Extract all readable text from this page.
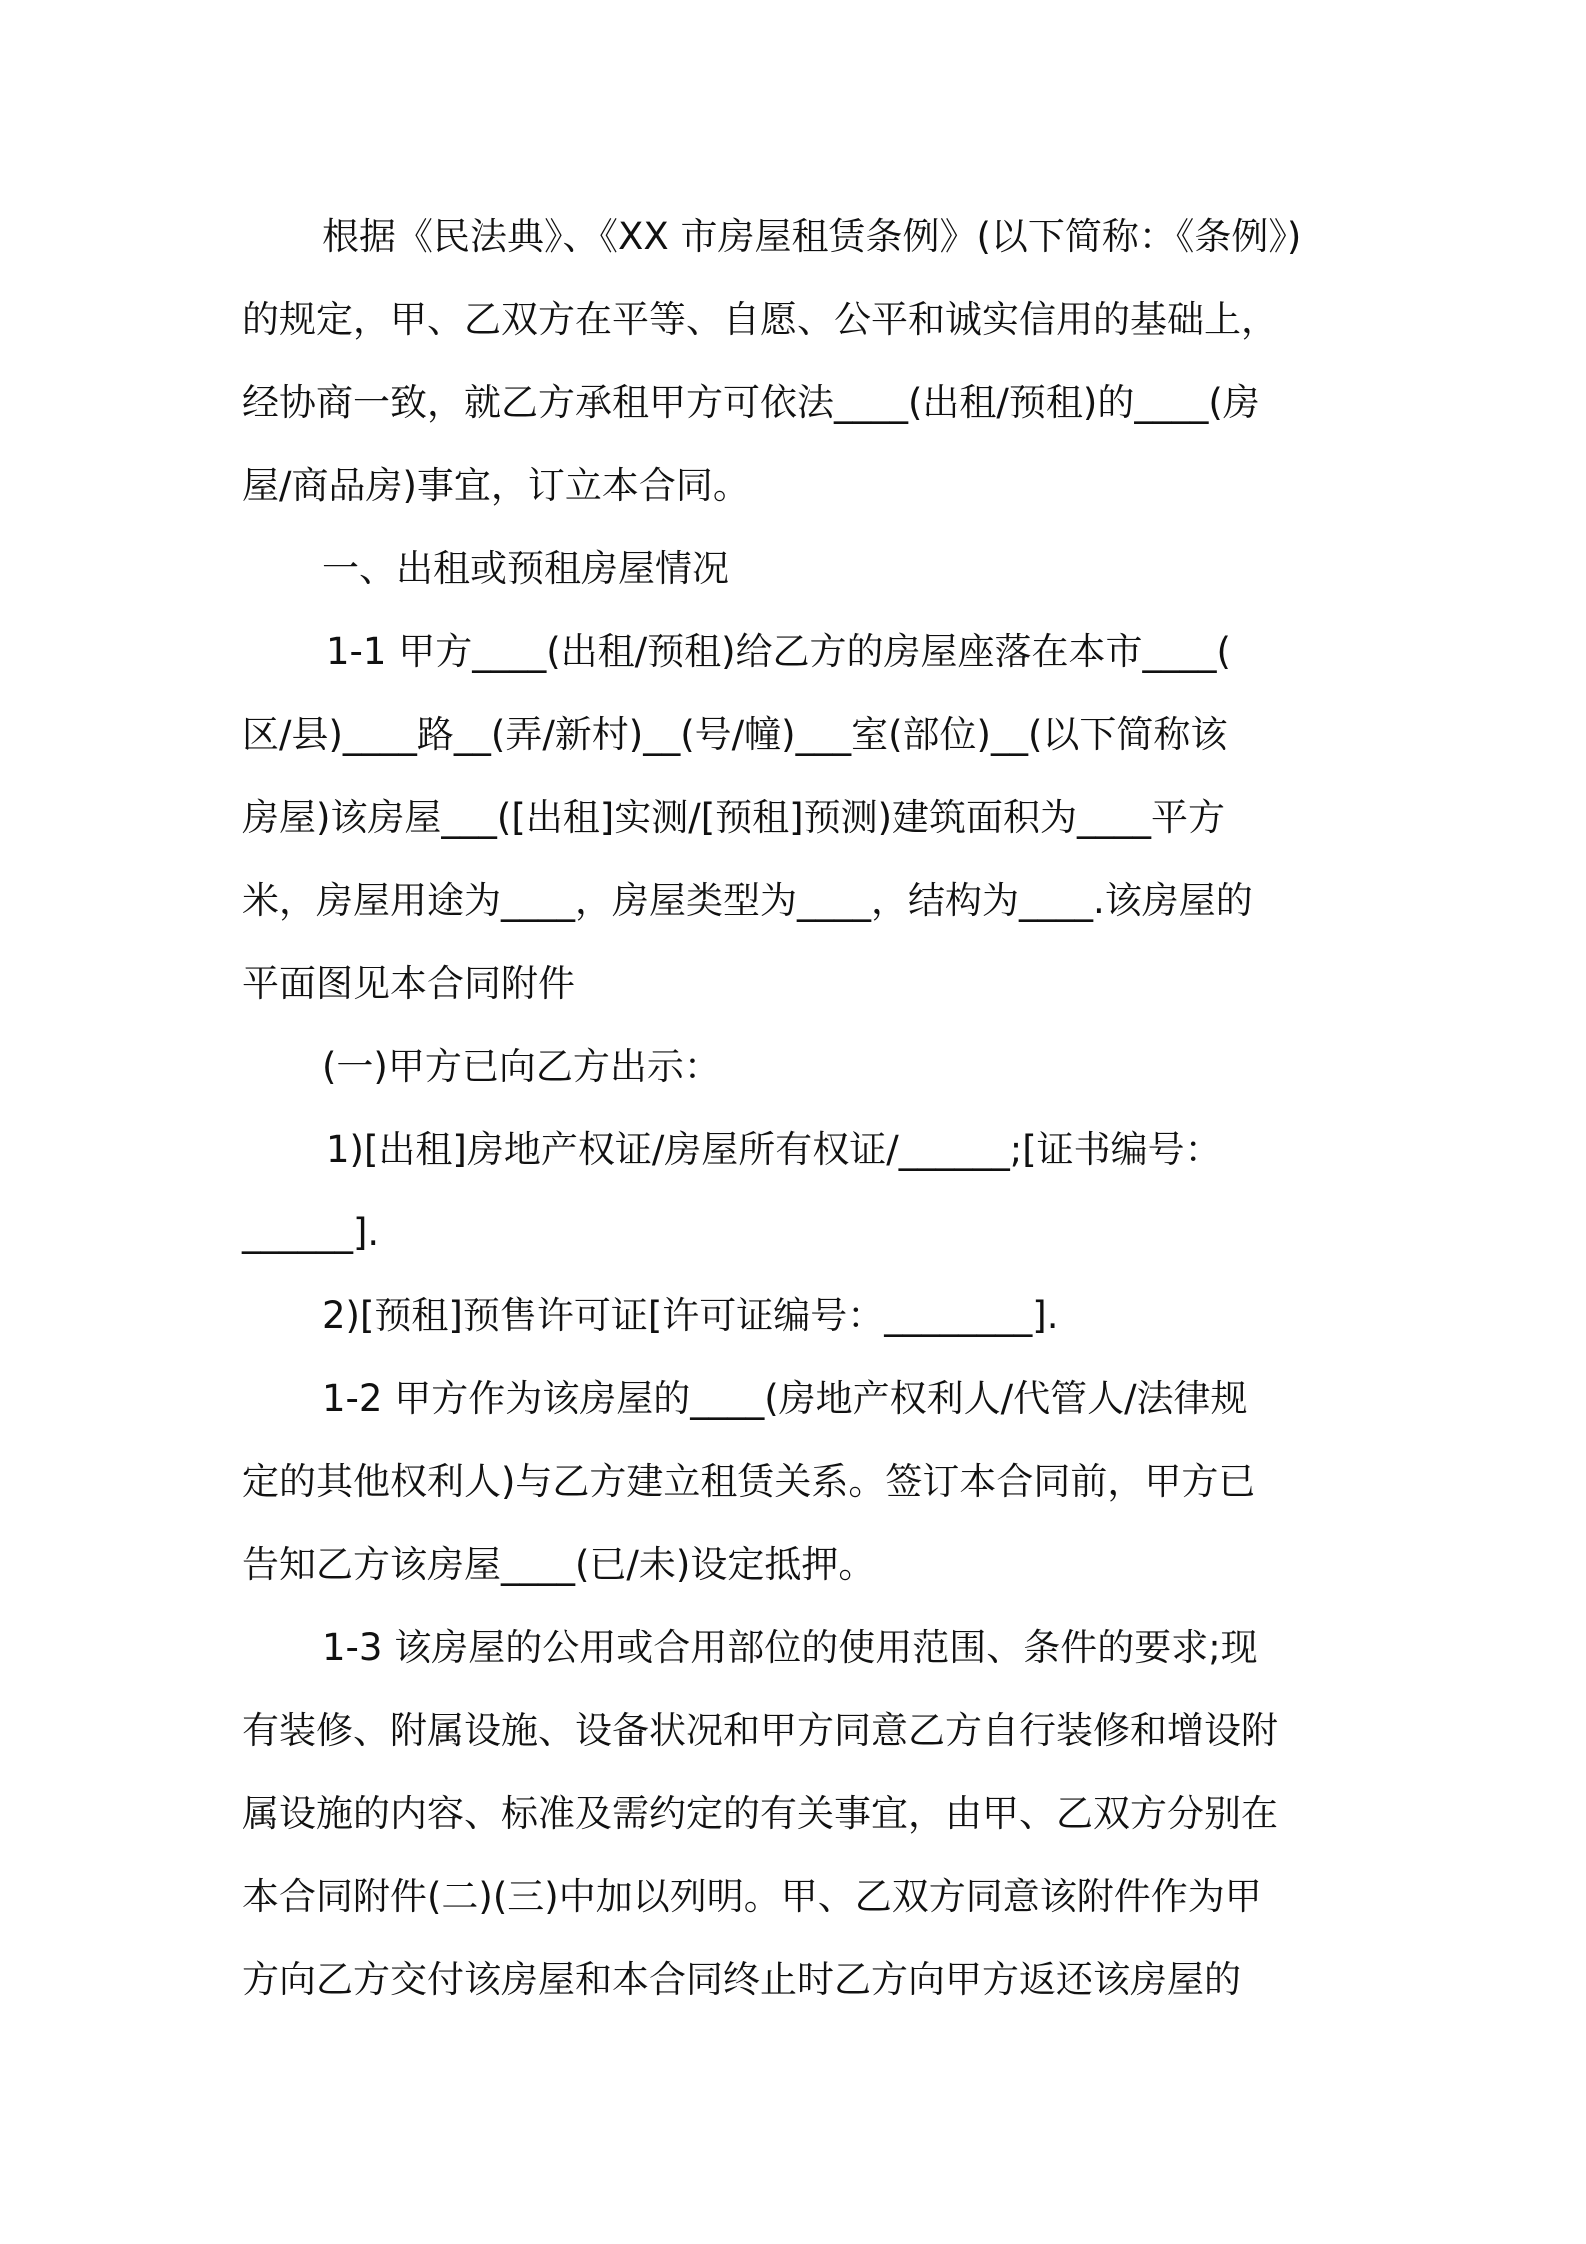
根据《民法典》、《XX 市房屋租赁条例》(以下简称：《条例》)
的规定，甲、乙双方在平等、自愿、公平和诚实信用的基础上，
经协商一致，就乙方承租甲方可依法____(出租/预租)的____(房
屋/商品房)事宜，订立本合同。
一、出租或预租房屋情况
1-1 甲方____(出租/预租)给乙方的房屋座落在本市____(
区/县)____路__(弄/新村)__(号/幢)___室(部位)__(以下简称该
房屋)该房屋___([出租]实测/[预租]预测)建筑面积为____平方
米，房屋用途为____，房屋类型为____，结构为____.该房屋的
平面图见本合同附件
(一)甲方已向乙方出示：
1)[出租]房地产权证/房屋所有权证/______;[证书编号：
______].
2)[预租]预售许可证[许可证编号：________].
1-2 甲方作为该房屋的____(房地产权利人/代管人/法律规
定的其他权利人)与乙方建立租赁关系。签订本合同前，甲方已
告知乙方该房屋____(已/未)设定抵押。
1-3 该房屋的公用或合用部位的使用范围、条件的要求;现
有装修、附属设施、设备状况和甲方同意乙方自行装修和增设附
属设施的内容、标准及需约定的有关事宜，由甲、乙双方分别在
本合同附件(二)(三)中加以列明。甲、乙双方同意该附件作为甲
方向乙方交付该房屋和本合同终止时乙方向甲方返还该房屋的
